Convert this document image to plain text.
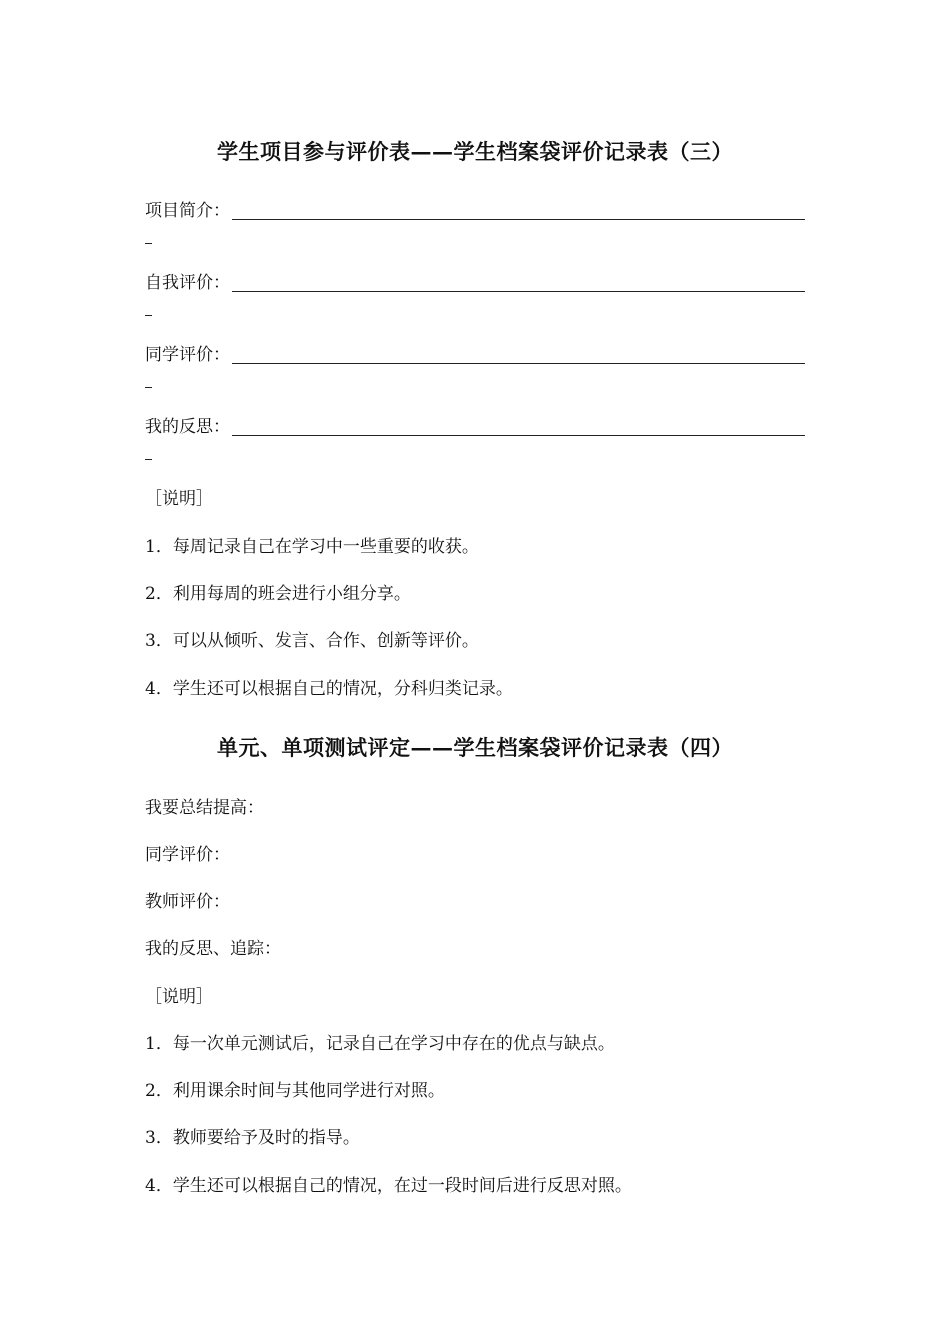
学生项目参与评价表——学生档案袋评价记录表（三）
项目简介：
自我评价：
同学评价：
我的反思：
［说明］
1．每周记录自己在学习中一些重要的收获。
2．利用每周的班会进行小组分享。
3．可以从倾听、发言、合作、创新等评价。
4．学生还可以根据自己的情况，分科归类记录。
单元、单项测试评定——学生档案袋评价记录表（四）
我要总结提高：
同学评价：
教师评价：
我的反思、追踪：
［说明］
1．每一次单元测试后，记录自己在学习中存在的优点与缺点。
2．利用课余时间与其他同学进行对照。
3．教师要给予及时的指导。
4．学生还可以根据自己的情况，在过一段时间后进行反思对照。
